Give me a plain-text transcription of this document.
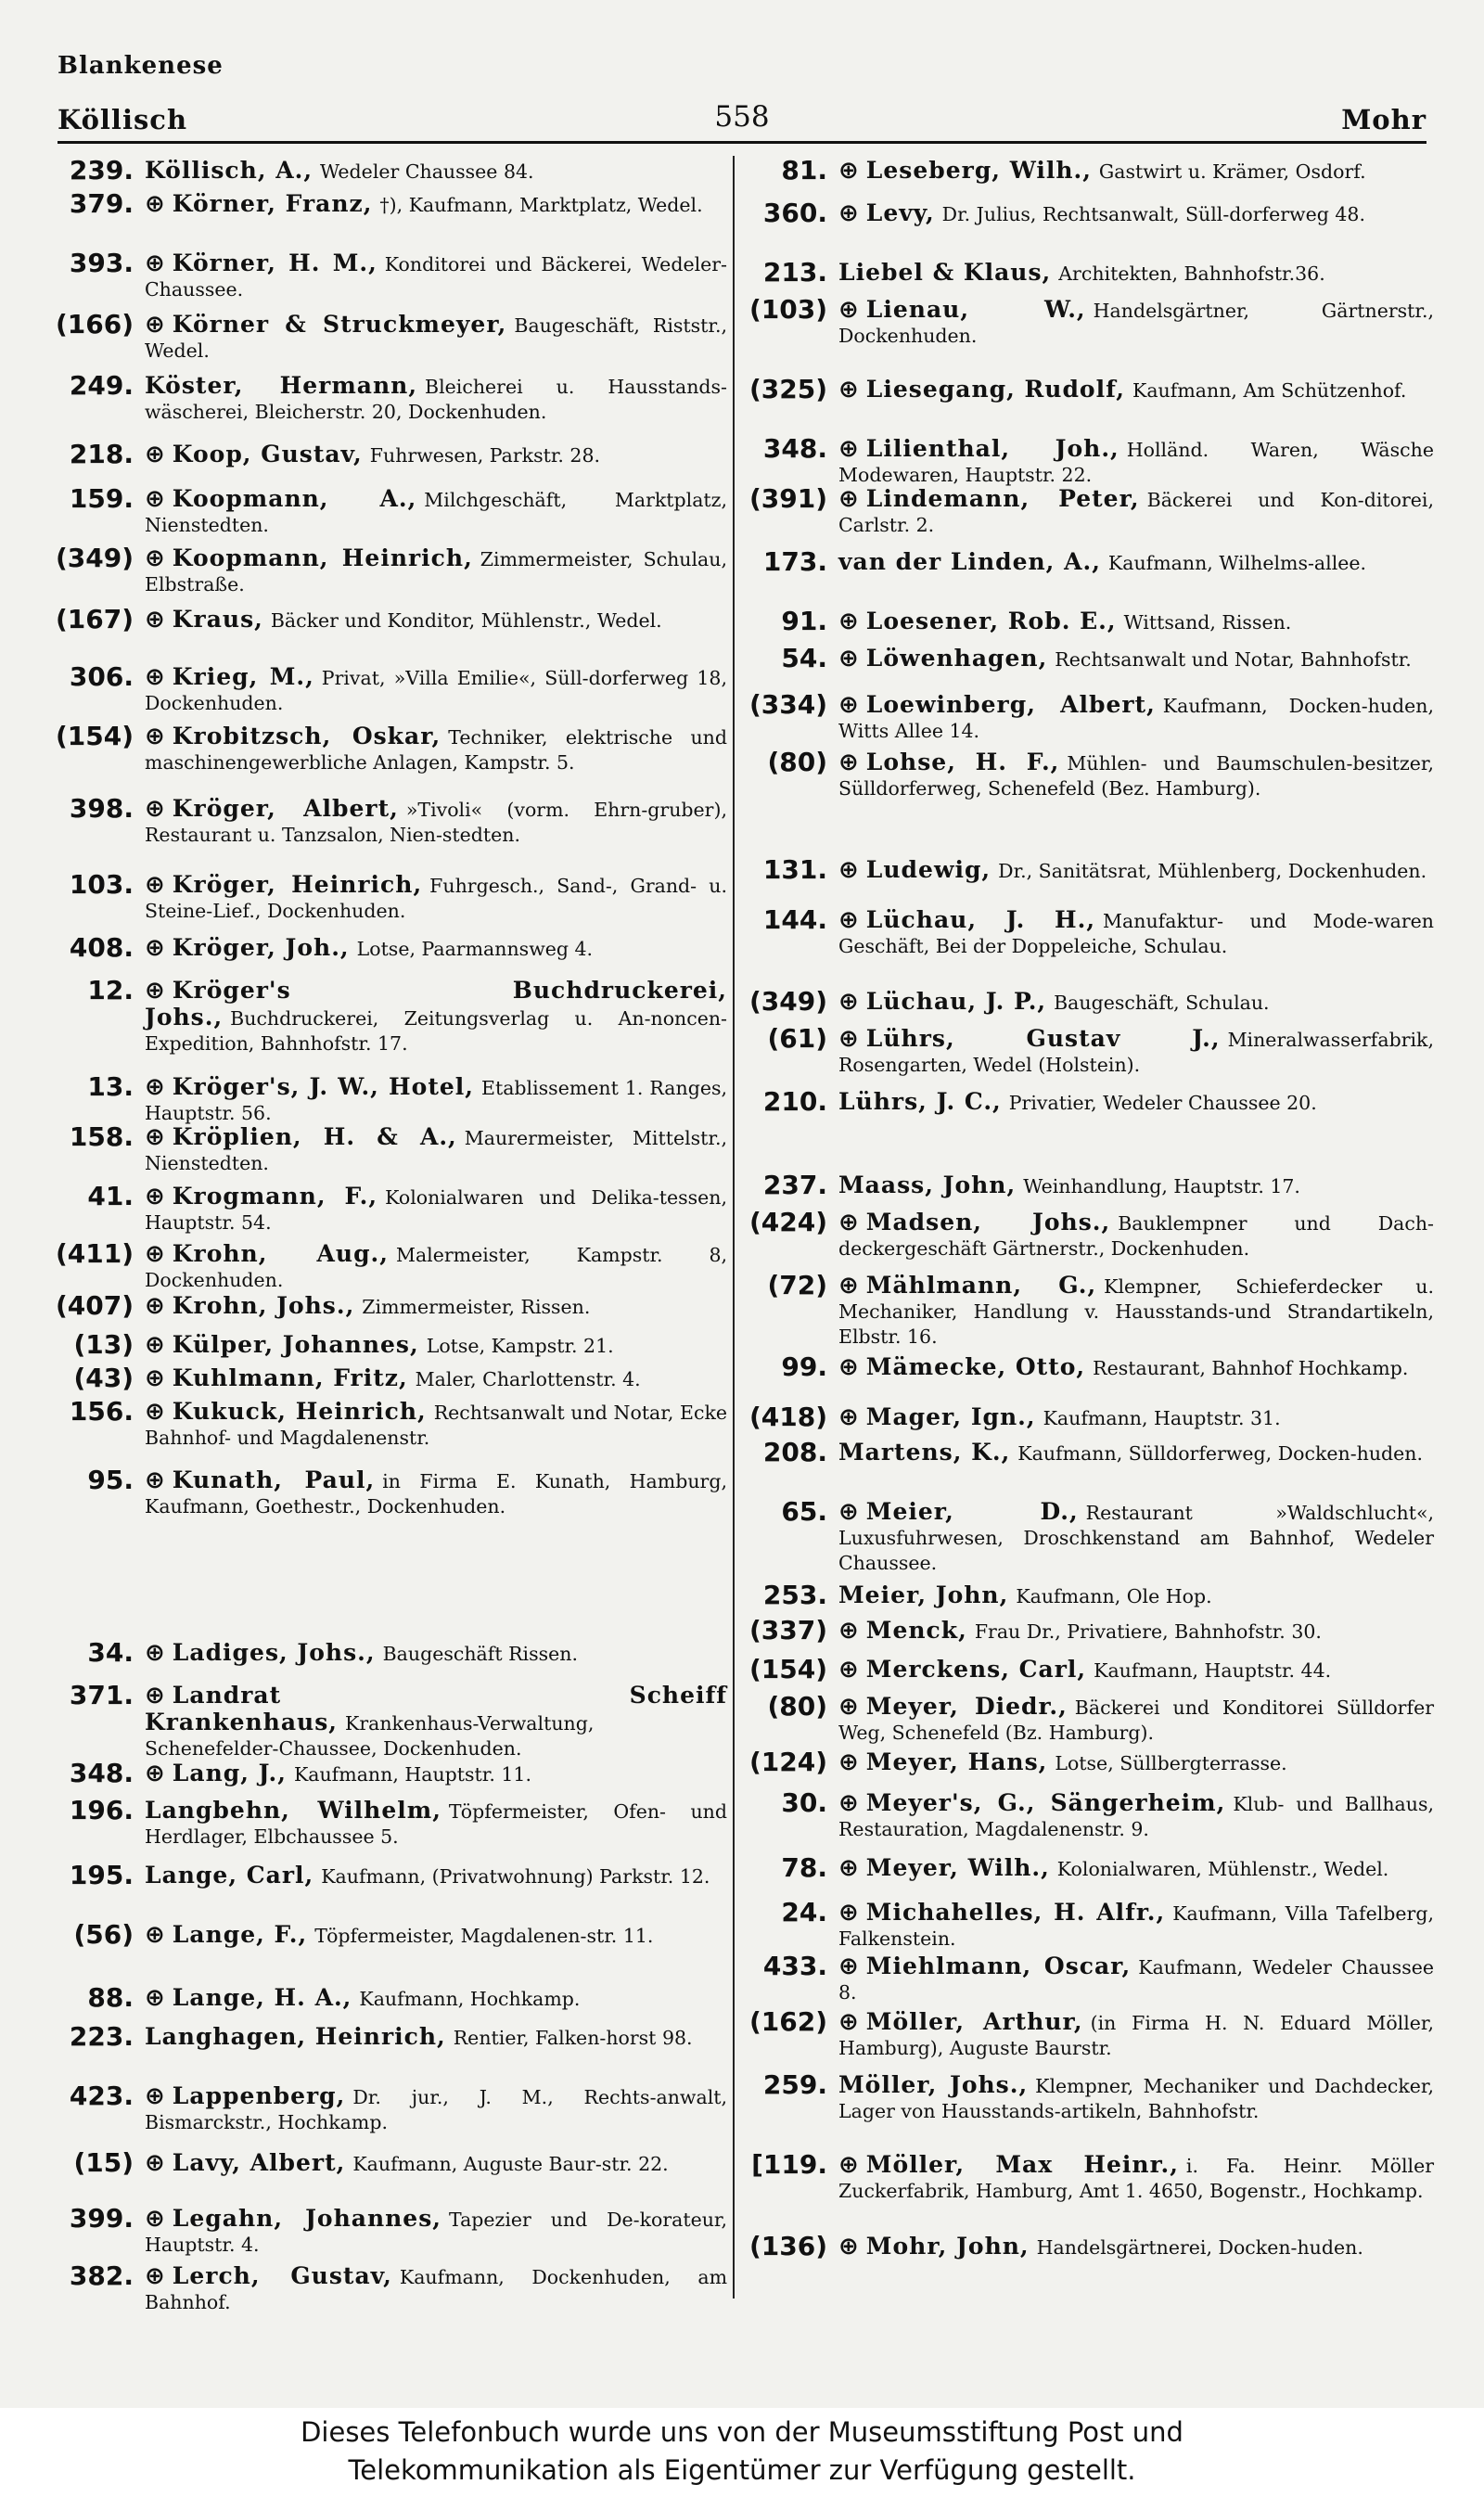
Blankenese
Köllisch	558	Mohr
239. Köllisch, A., Wedeler Chaussee 84.
379. ⊕ Körner, Franz, †), Kaufmann, Marktplatz, Wedel.
393. ⊕ Körner, H. M., Konditorei und Bäckerei, Wedeler-Chaussee.
(166) ⊕ Körner & Struckmeyer, Baugeschäft, Riststr., Wedel.
249. Köster, Hermann, Bleicherei u. Hausstands-wäscherei, Bleicherstr. 20, Dockenhuden.
218. ⊕ Koop, Gustav, Fuhrwesen, Parkstr. 28.
159. ⊕ Koopmann, A., Milchgeschäft, Marktplatz, Nienstedten.
(349) ⊕ Koopmann, Heinrich, Zimmermeister, Schulau, Elbstraße.
(167) ⊕ Kraus, Bäcker und Konditor, Mühlenstr., Wedel.
306. ⊕ Krieg, M., Privat, »Villa Emilie«, Süll-dorferweg 18, Dockenhuden.
(154) ⊕ Krobitzsch, Oskar, Techniker, elektrische und maschinengewerbliche Anlagen, Kampstr. 5.
398. ⊕ Kröger, Albert, »Tivoli« (vorm. Ehrn-gruber), Restaurant u. Tanzsalon, Nien-stedten.
103. ⊕ Kröger, Heinrich, Fuhrgesch., Sand-, Grand- u. Steine-Lief., Dockenhuden.
408. ⊕ Kröger, Joh., Lotse, Paarmannsweg 4.
12. ⊕ Kröger's Buchdruckerei, Johs., Buchdruckerei, Zeitungsverlag u. An-noncen-Expedition, Bahnhofstr. 17.
13. ⊕ Kröger's, J. W., Hotel, Etablissement 1. Ranges, Hauptstr. 56.
158. ⊕ Kröplien, H. & A., Maurermeister, Mittelstr., Nienstedten.
41. ⊕ Krogmann, F., Kolonialwaren und Delika-tessen, Hauptstr. 54.
(411) ⊕ Krohn, Aug., Malermeister, Kampstr. 8, Dockenhuden.
(407) ⊕ Krohn, Johs., Zimmermeister, Rissen.
(13) ⊕ Külper, Johannes, Lotse, Kampstr. 21.
(43) ⊕ Kuhlmann, Fritz, Maler, Charlottenstr. 4.
156. ⊕ Kukuck, Heinrich, Rechtsanwalt und Notar, Ecke Bahnhof- und Magdalenenstr.
95. ⊕ Kunath, Paul, in Firma E. Kunath, Hamburg, Kaufmann, Goethestr., Dockenhuden.
34. ⊕ Ladiges, Johs., Baugeschäft Rissen.
371. ⊕ Landrat Scheiff Krankenhaus, Krankenhaus-Verwaltung, Schenefelder-Chaussee, Dockenhuden.
348. ⊕ Lang, J., Kaufmann, Hauptstr. 11.
196. Langbehn, Wilhelm, Töpfermeister, Ofen- und Herdlager, Elbchaussee 5.
195. Lange, Carl, Kaufmann, (Privatwohnung) Parkstr. 12.
(56) ⊕ Lange, F., Töpfermeister, Magdalenen-str. 11.
88. ⊕ Lange, H. A., Kaufmann, Hochkamp.
223. Langhagen, Heinrich, Rentier, Falken-horst 98.
423. ⊕ Lappenberg, Dr. jur., J. M., Rechts-anwalt, Bismarckstr., Hochkamp.
(15) ⊕ Lavy, Albert, Kaufmann, Auguste Baur-str. 22.
399. ⊕ Legahn, Johannes, Tapezier und De-korateur, Hauptstr. 4.
382. ⊕ Lerch, Gustav, Kaufmann, Dockenhuden, am Bahnhof.
81. ⊕ Leseberg, Wilh., Gastwirt u. Krämer, Osdorf.
360. ⊕ Levy, Dr. Julius, Rechtsanwalt, Süll-dorferweg 48.
213. Liebel & Klaus, Architekten, Bahnhofstr.36.
(103) ⊕ Lienau, W., Handelsgärtner, Gärtnerstr., Dockenhuden.
(325) ⊕ Liesegang, Rudolf, Kaufmann, Am Schützenhof.
348. ⊕ Lilienthal, Joh., Holländ. Waren, Wäsche Modewaren, Hauptstr. 22.
(391) ⊕ Lindemann, Peter, Bäckerei und Kon-ditorei, Carlstr. 2.
173. van der Linden, A., Kaufmann, Wilhelms-allee.
91. ⊕ Loesener, Rob. E., Wittsand, Rissen.
54. ⊕ Löwenhagen, Rechtsanwalt und Notar, Bahnhofstr.
(334) ⊕ Loewinberg, Albert, Kaufmann, Docken-huden, Witts Allee 14.
(80) ⊕ Lohse, H. F., Mühlen- und Baumschulen-besitzer, Sülldorferweg, Schenefeld (Bez. Hamburg).
131. ⊕ Ludewig, Dr., Sanitätsrat, Mühlenberg, Dockenhuden.
144. ⊕ Lüchau, J. H., Manufaktur- und Mode-waren Geschäft, Bei der Doppeleiche, Schulau.
(349) ⊕ Lüchau, J. P., Baugeschäft, Schulau.
(61) ⊕ Lührs, Gustav J., Mineralwasserfabrik, Rosengarten, Wedel (Holstein).
210. Lührs, J. C., Privatier, Wedeler Chaussee 20.
237. Maass, John, Weinhandlung, Hauptstr. 17.
(424) ⊕ Madsen, Johs., Bauklempner und Dach-deckergeschäft Gärtnerstr., Dockenhuden.
(72) ⊕ Mählmann, G., Klempner, Schieferdecker u. Mechaniker, Handlung v. Hausstands-und Strandartikeln, Elbstr. 16.
99. ⊕ Mämecke, Otto, Restaurant, Bahnhof Hochkamp.
(418) ⊕ Mager, Ign., Kaufmann, Hauptstr. 31.
208. Martens, K., Kaufmann, Sülldorferweg, Docken-huden.
65. ⊕ Meier, D., Restaurant »Waldschlucht«, Luxusfuhrwesen, Droschkenstand am Bahnhof, Wedeler Chaussee.
253. Meier, John, Kaufmann, Ole Hop.
(337) ⊕ Menck, Frau Dr., Privatiere, Bahnhofstr. 30.
(154) ⊕ Merckens, Carl, Kaufmann, Hauptstr. 44.
(80) ⊕ Meyer, Diedr., Bäckerei und Konditorei Sülldorfer Weg, Schenefeld (Bz. Hamburg).
(124) ⊕ Meyer, Hans, Lotse, Süllbergterrasse.
30. ⊕ Meyer's, G., Sängerheim, Klub- und Ballhaus, Restauration, Magdalenenstr. 9.
78. ⊕ Meyer, Wilh., Kolonialwaren, Mühlenstr., Wedel.
24. ⊕ Michahelles, H. Alfr., Kaufmann, Villa Tafelberg, Falkenstein.
433. ⊕ Miehlmann, Oscar, Kaufmann, Wedeler Chaussee 8.
(162) ⊕ Möller, Arthur, (in Firma H. N. Eduard Möller, Hamburg), Auguste Baurstr.
259. Möller, Johs., Klempner, Mechaniker und Dachdecker, Lager von Hausstands-artikeln, Bahnhofstr.
[119. ⊕ Möller, Max Heinr., i. Fa. Heinr. Möller Zuckerfabrik, Hamburg, Amt 1. 4650, Bogenstr., Hochkamp.
(136) ⊕ Mohr, John, Handelsgärtnerei, Docken-huden.
Dieses Telefonbuch wurde uns von der Museumsstiftung Post und
Telekommunikation als Eigentümer zur Verfügung gestellt.
